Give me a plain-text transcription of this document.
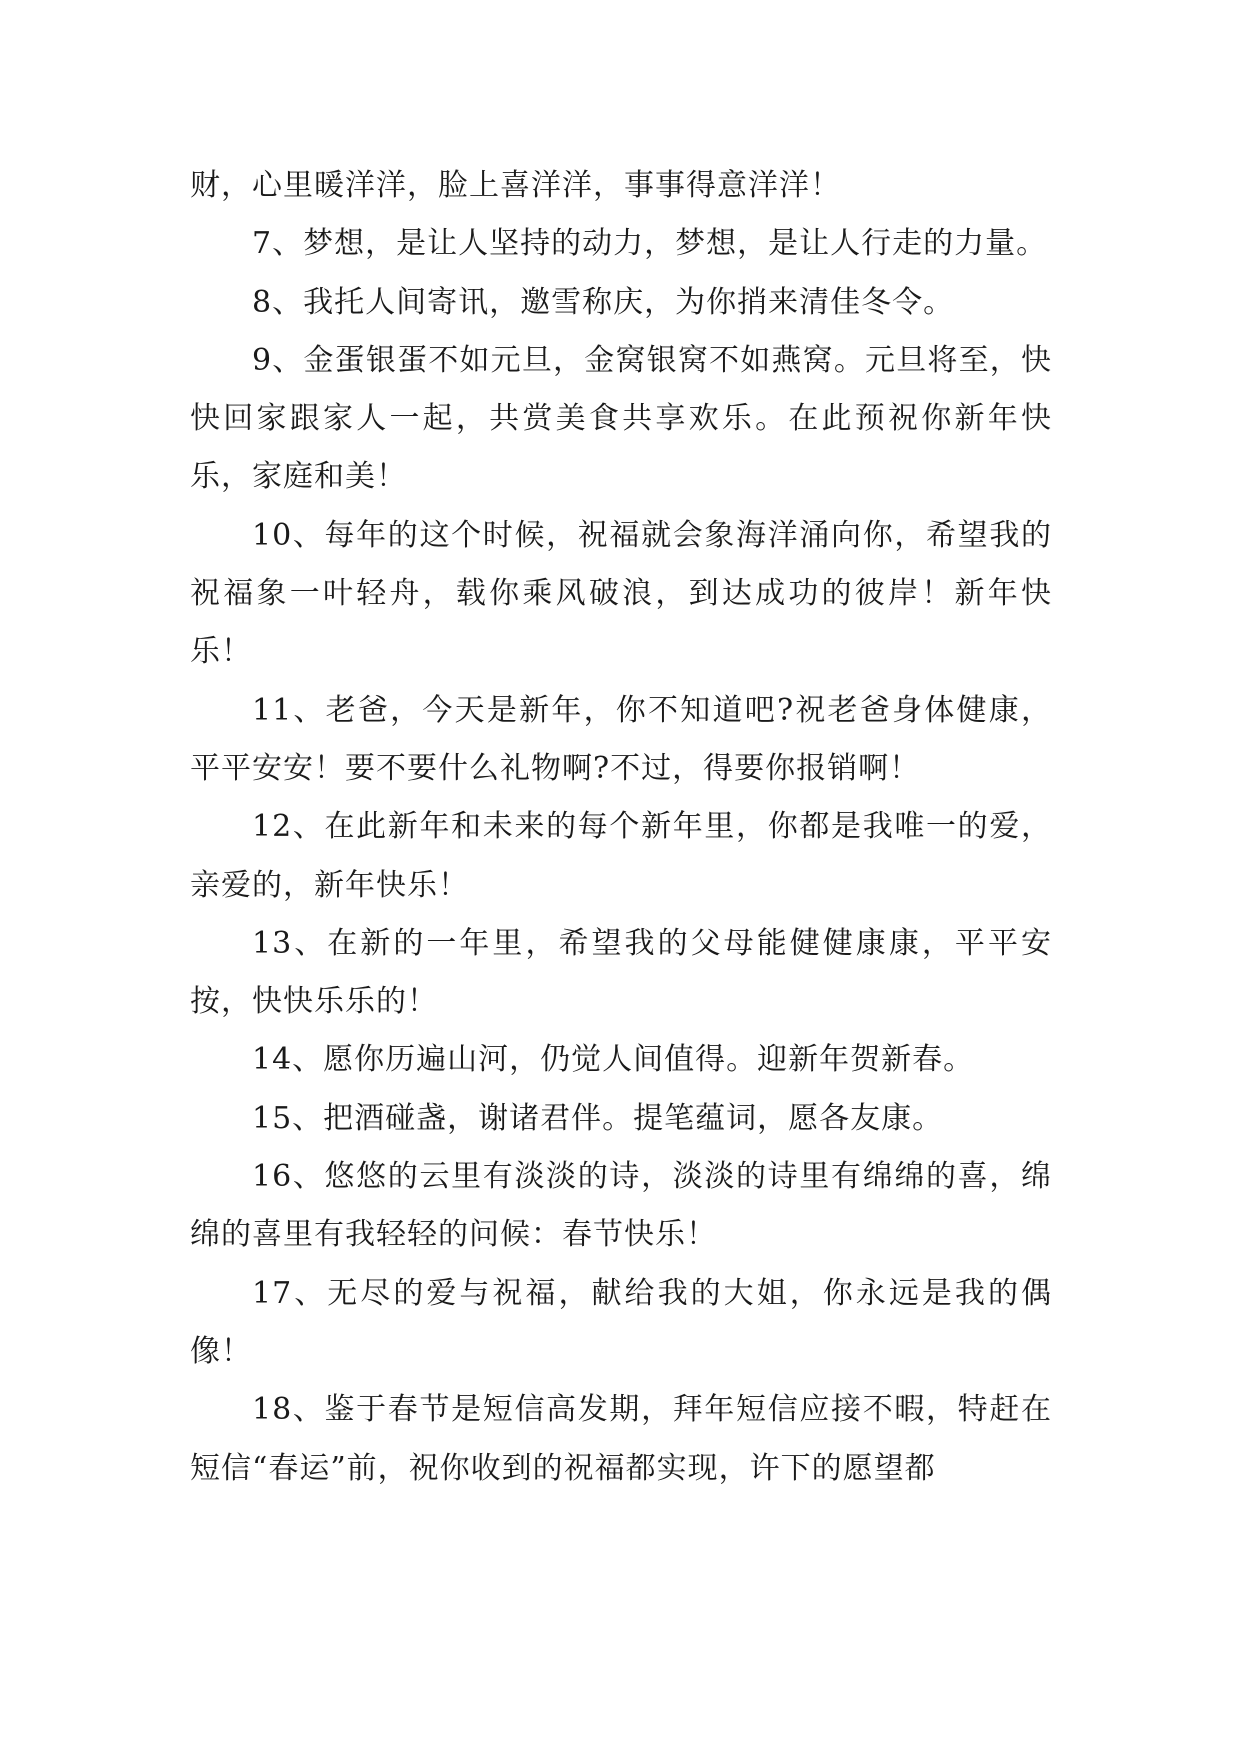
财，心里暖洋洋，脸上喜洋洋，事事得意洋洋！

7、梦想，是让人坚持的动力，梦想，是让人行走的力量。

8、我托人间寄讯，邀雪称庆，为你捎来清佳冬令。

9、金蛋银蛋不如元旦，金窝银窝不如燕窝。元旦将至，快快回家跟家人一起，共赏美食共享欢乐。在此预祝你新年快乐，家庭和美！

10、每年的这个时候，祝福就会象海洋涌向你，希望我的祝福象一叶轻舟，载你乘风破浪，到达成功的彼岸！新年快乐！

11、老爸，今天是新年，你不知道吧?祝老爸身体健康，平平安安！要不要什么礼物啊?不过，得要你报销啊！

12、在此新年和未来的每个新年里，你都是我唯一的爱，亲爱的，新年快乐！

13、在新的一年里，希望我的父母能健健康康，平平安按，快快乐乐的！

14、愿你历遍山河，仍觉人间值得。迎新年贺新春。

15、把酒碰盏，谢诸君伴。提笔蕴词，愿各友康。

16、悠悠的云里有淡淡的诗，淡淡的诗里有绵绵的喜，绵绵的喜里有我轻轻的问候：春节快乐！

17、无尽的爱与祝福，献给我的大姐，你永远是我的偶像！

18、鉴于春节是短信高发期，拜年短信应接不暇，特赶在短信“春运”前，祝你收到的祝福都实现，许下的愿望都
